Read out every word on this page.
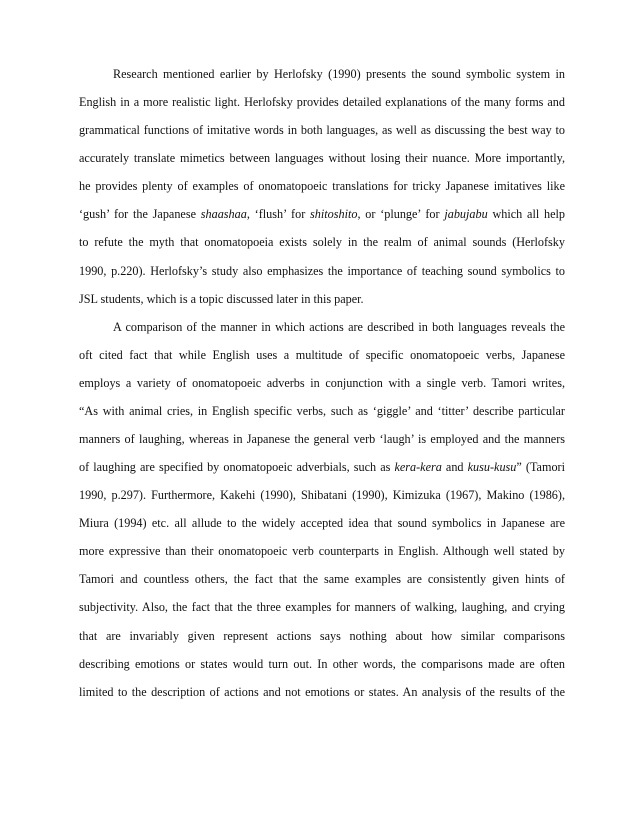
Research mentioned earlier by Herlofsky (1990) presents the sound symbolic system in
English in a more realistic light. Herlofsky provides detailed explanations of the many forms and
grammatical functions of imitative words in both languages, as well as discussing the best way to
accurately translate mimetics between languages without losing their nuance. More importantly,
he provides plenty of examples of onomatopoeic translations for tricky Japanese imitatives like
‘gush’ for the Japanese shaashaa, ‘flush’ for shitoshito, or ‘plunge’ for jabujabu which all help
to refute the myth that onomatopoeia exists solely in the realm of animal sounds (Herlofsky
1990, p.220). Herlofsky’s study also emphasizes the importance of teaching sound symbolics to
JSL students, which is a topic discussed later in this paper.
A comparison of the manner in which actions are described in both languages reveals the
oft cited fact that while English uses a multitude of specific onomatopoeic verbs, Japanese
employs a variety of onomatopoeic adverbs in conjunction with a single verb. Tamori writes,
“As with animal cries, in English specific verbs, such as ‘giggle’ and ‘titter’ describe particular
manners of laughing, whereas in Japanese the general verb ‘laugh’ is employed and the manners
of laughing are specified by onomatopoeic adverbials, such as kera-kera and kusu-kusu” (Tamori
1990, p.297). Furthermore, Kakehi (1990), Shibatani (1990), Kimizuka (1967), Makino (1986),
Miura (1994) etc. all allude to the widely accepted idea that sound symbolics in Japanese are
more expressive than their onomatopoeic verb counterparts in English. Although well stated by
Tamori and countless others, the fact that the same examples are consistently given hints of
subjectivity. Also, the fact that the three examples for manners of walking, laughing, and crying
that are invariably given represent actions says nothing about how similar comparisons
describing emotions or states would turn out. In other words, the comparisons made are often
limited to the description of actions and not emotions or states. An analysis of the results of the
